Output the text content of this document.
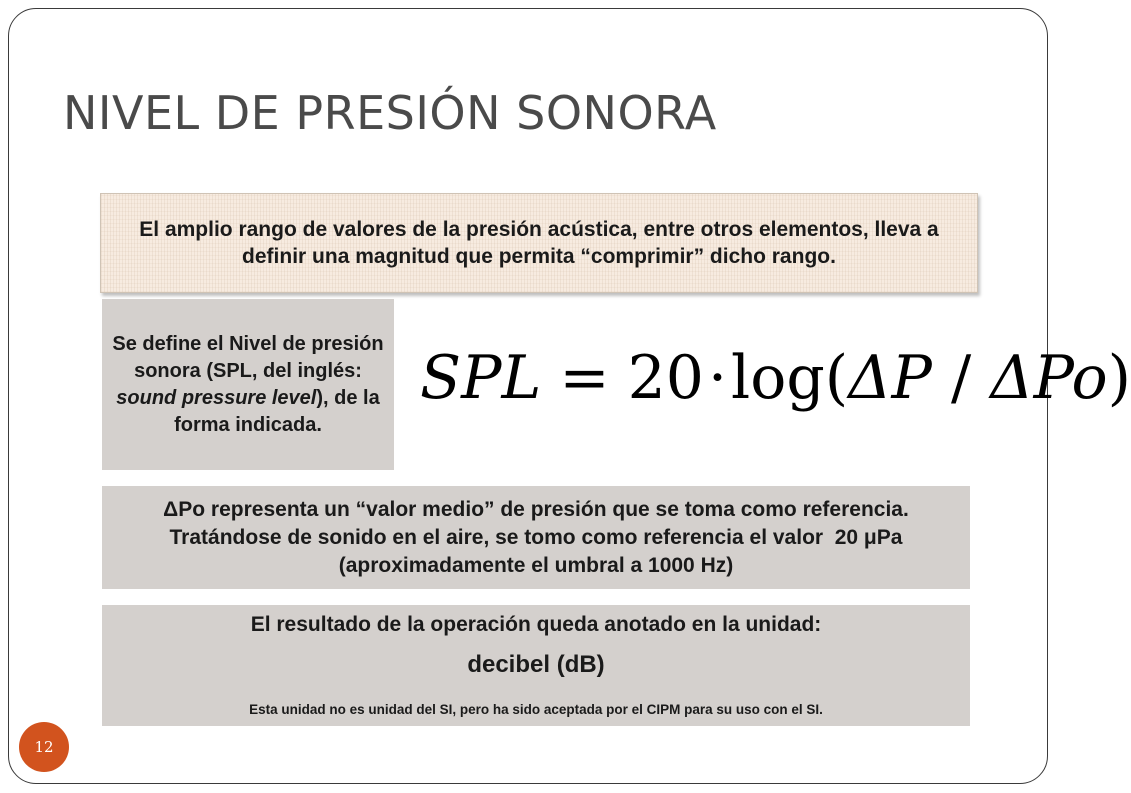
NIVEL DE PRESIÓN SONORA
El amplio rango de valores de la presión acústica, entre otros elementos, lleva a definir una magnitud que permita “comprimir” dicho rango.
Se define el Nivel de presión sonora (SPL, del inglés: sound pressure level), de la forma indicada.
SPL = 20 · log( ΔP / ΔPo )
ΔPo representa un “valor medio” de presión que se toma como referencia. Tratándose de sonido en el aire, se tomo como referencia el valor  20 μPa (aproximadamente el umbral a 1000 Hz)
El resultado de la operación queda anotado en la unidad:
decibel (dB)
Esta unidad no es unidad del SI, pero ha sido aceptada por el CIPM para su uso con el SI.
12
